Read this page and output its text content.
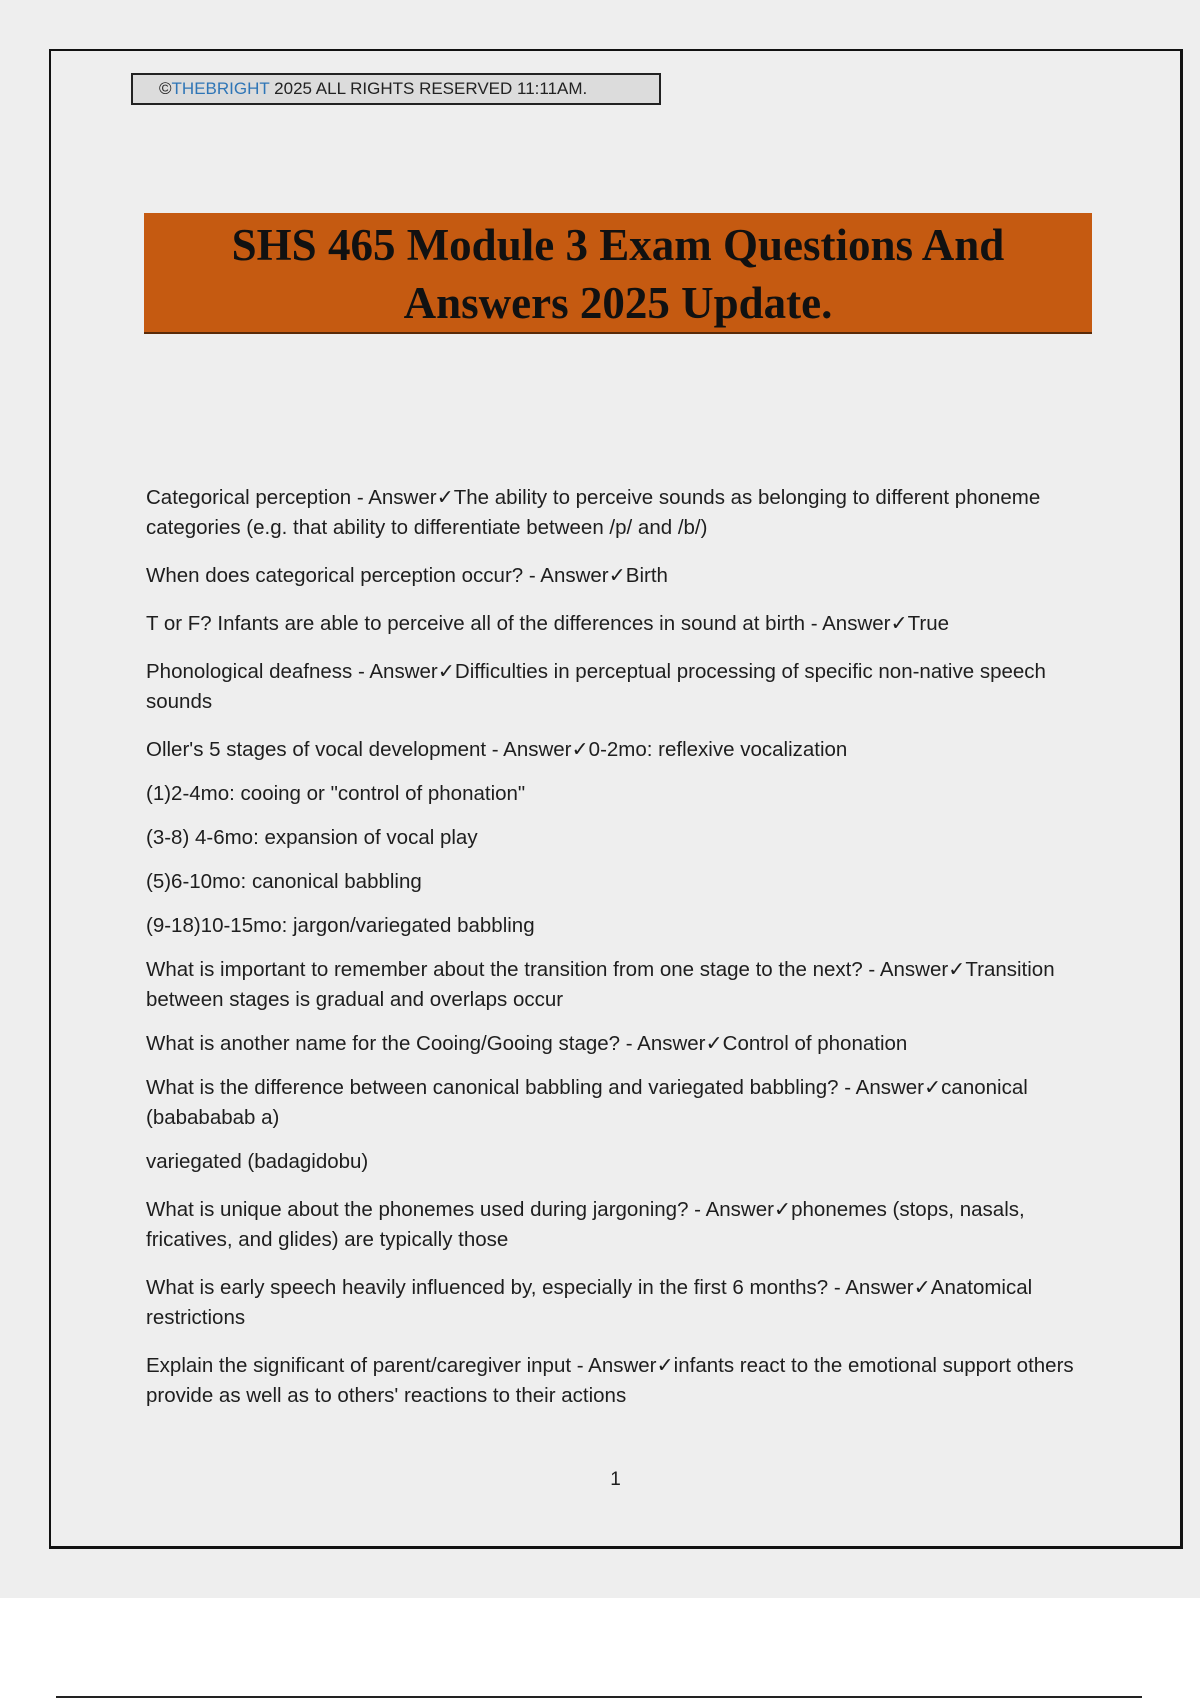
©THEBRIGHT 2025 ALL RIGHTS RESERVED 11:11AM.
SHS 465 Module 3 Exam Questions And
Answers 2025 Update.

Categorical perception - Answer✓The ability to perceive sounds as belonging to different phoneme categories (e.g. that ability to differentiate between /p/ and /b/)

When does categorical perception occur? - Answer✓Birth

T or F? Infants are able to perceive all of the differences in sound at birth - Answer✓True

Phonological deafness - Answer✓Difficulties in perceptual processing of specific non-native speech sounds

Oller's 5 stages of vocal development - Answer✓0-2mo: reflexive vocalization

(1)2-4mo: cooing or "control of phonation"

(3-8) 4-6mo: expansion of vocal play

(5)6-10mo: canonical babbling

(9-18)10-15mo: jargon/variegated babbling

What is important to remember about the transition from one stage to the next? - Answer✓Transition between stages is gradual and overlaps occur

What is another name for the Cooing/Gooing stage? - Answer✓Control of phonation

What is the difference between canonical babbling and variegated babbling? - Answer✓canonical (babababab a)

variegated (badagidobu)

What is unique about the phonemes used during jargoning? - Answer✓phonemes (stops, nasals, fricatives, and glides) are typically those

What is early speech heavily influenced by, especially in the first 6 months? - Answer✓Anatomical restrictions

Explain the significant of parent/caregiver input - Answer✓infants react to the emotional support others provide as well as to others' reactions to their actions

1
